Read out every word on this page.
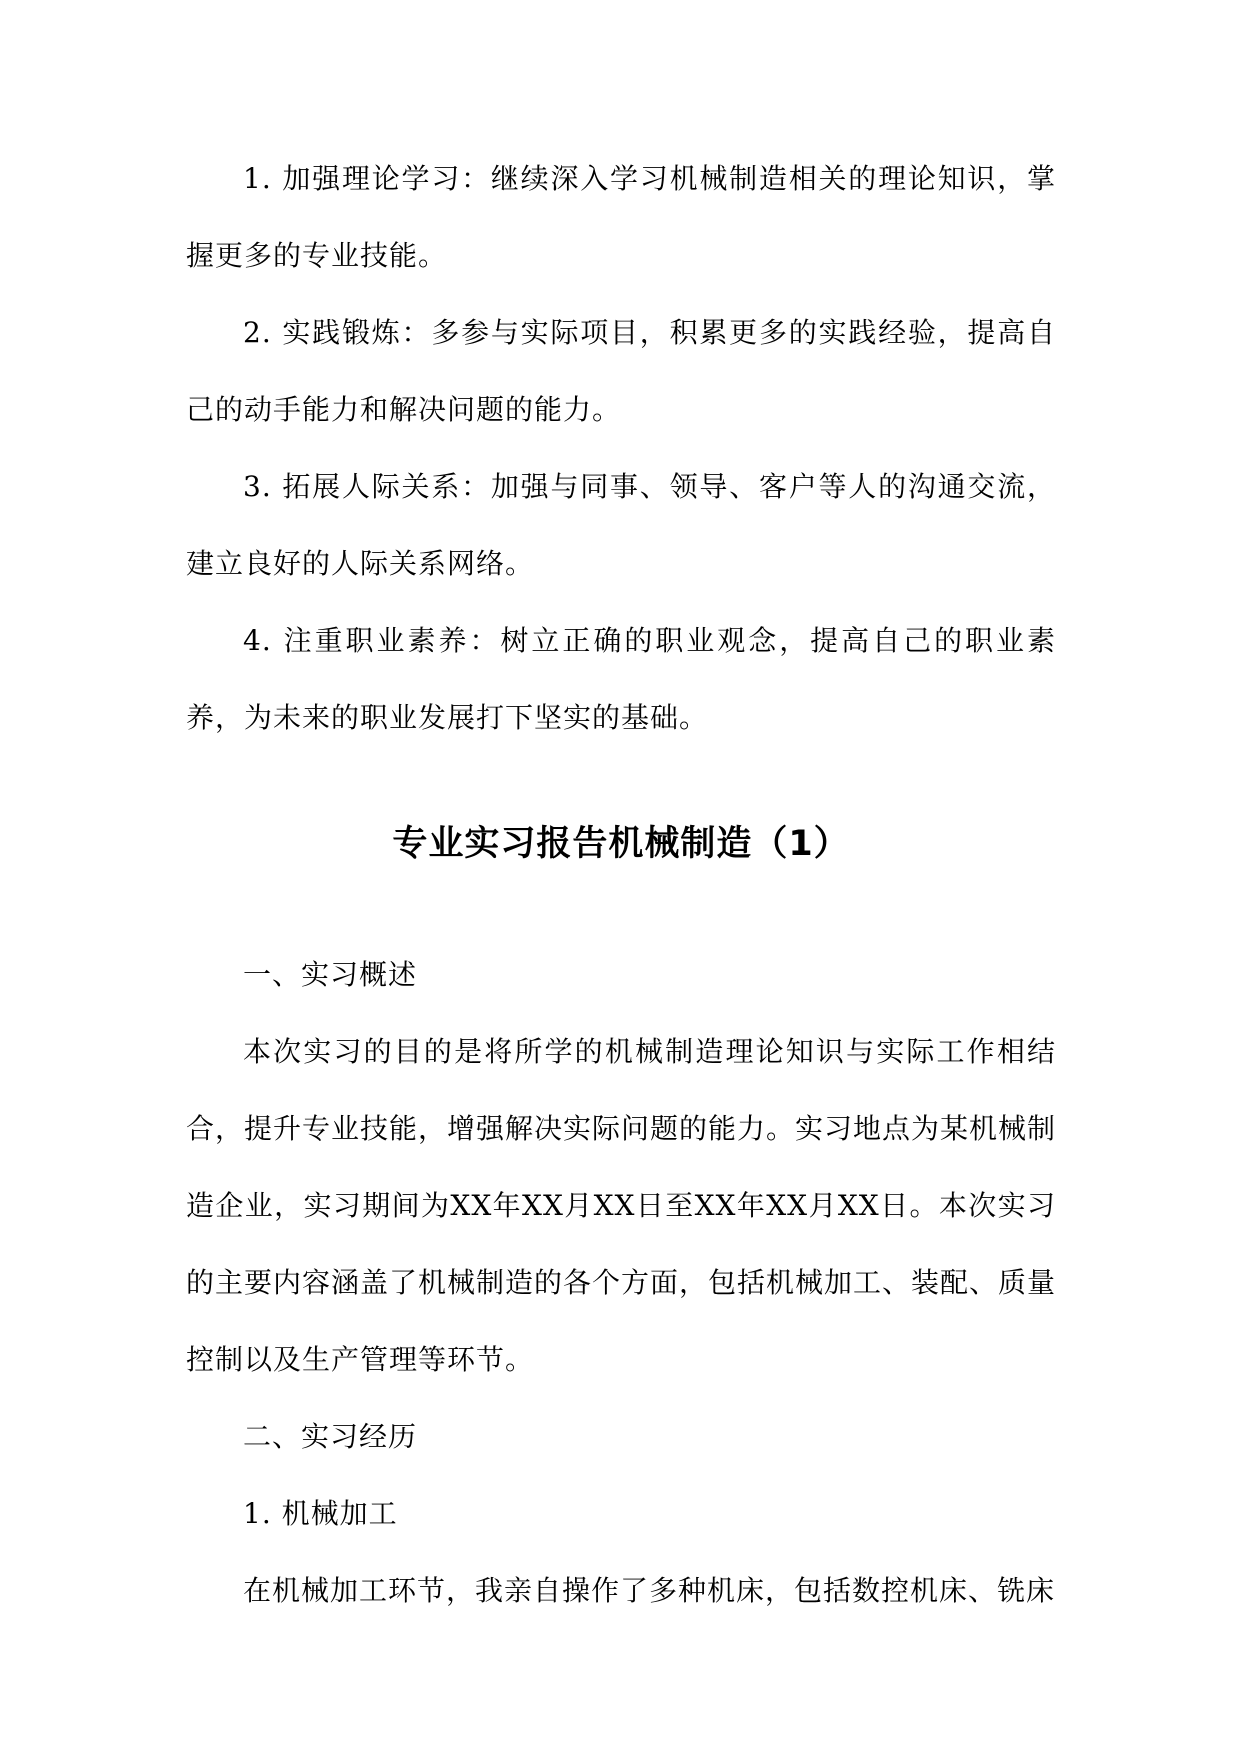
1. 加强理论学习：继续深入学习机械制造相关的理论知识，掌握更多的专业技能。

2. 实践锻炼：多参与实际项目，积累更多的实践经验，提高自己的动手能力和解决问题的能力。

3. 拓展人际关系：加强与同事、领导、客户等人的沟通交流，建立良好的人际关系网络。

4. 注重职业素养：树立正确的职业观念，提高自己的职业素养，为未来的职业发展打下坚实的基础。

专业实习报告机械制造（1）

一、实习概述

本次实习的目的是将所学的机械制造理论知识与实际工作相结合，提升专业技能，增强解决实际问题的能力。实习地点为某机械制造企业，实习期间为XX年XX月XX日至XX年XX月XX日。本次实习的主要内容涵盖了机械制造的各个方面，包括机械加工、装配、质量控制以及生产管理等环节。

二、实习经历

1. 机械加工

在机械加工环节，我亲自操作了多种机床，包括数控机床、铣床
